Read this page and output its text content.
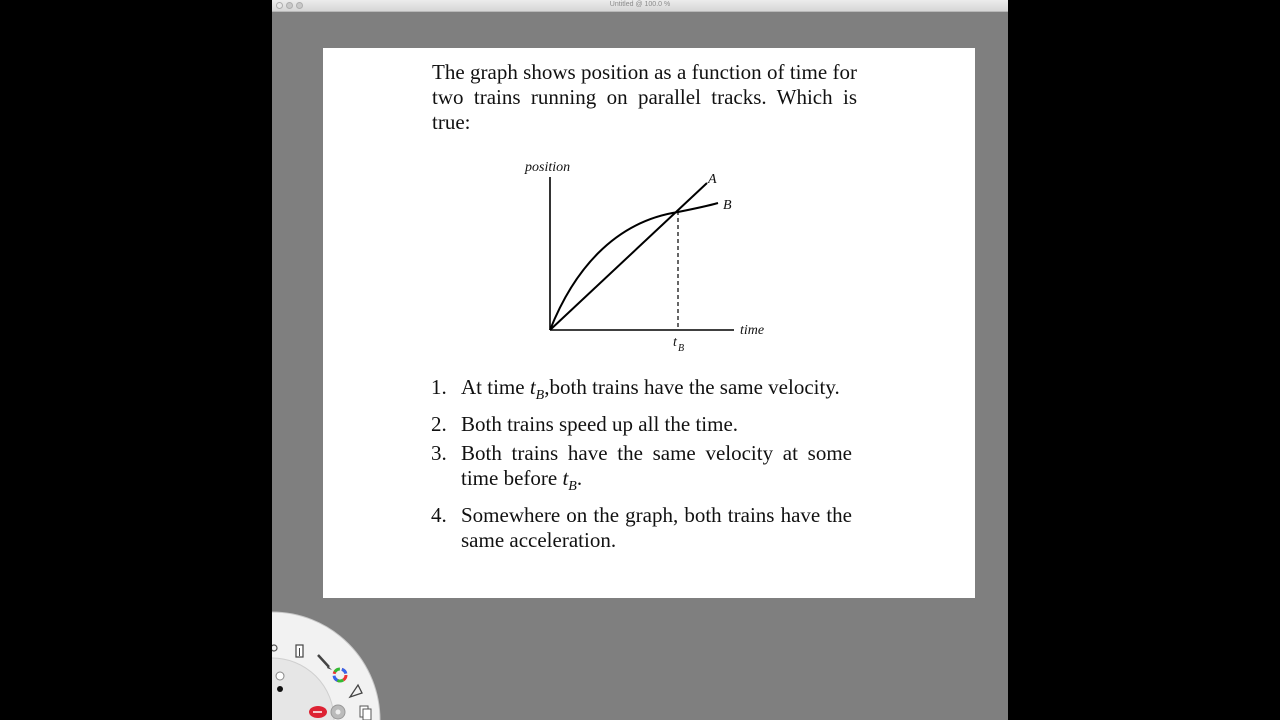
Untitled @ 100.0 %

The graph shows position as a function of time for two trains running on parallel tracks. Which is true:

position
time
A
B
t B
1. At time $t_B,both$ trains have the same velocity.
2. Both trains speed up all the time.
3. Both trains have the same velocity at some time before $t_B$.
4. Somewhere on the graph, both trains have the same acceleration.
